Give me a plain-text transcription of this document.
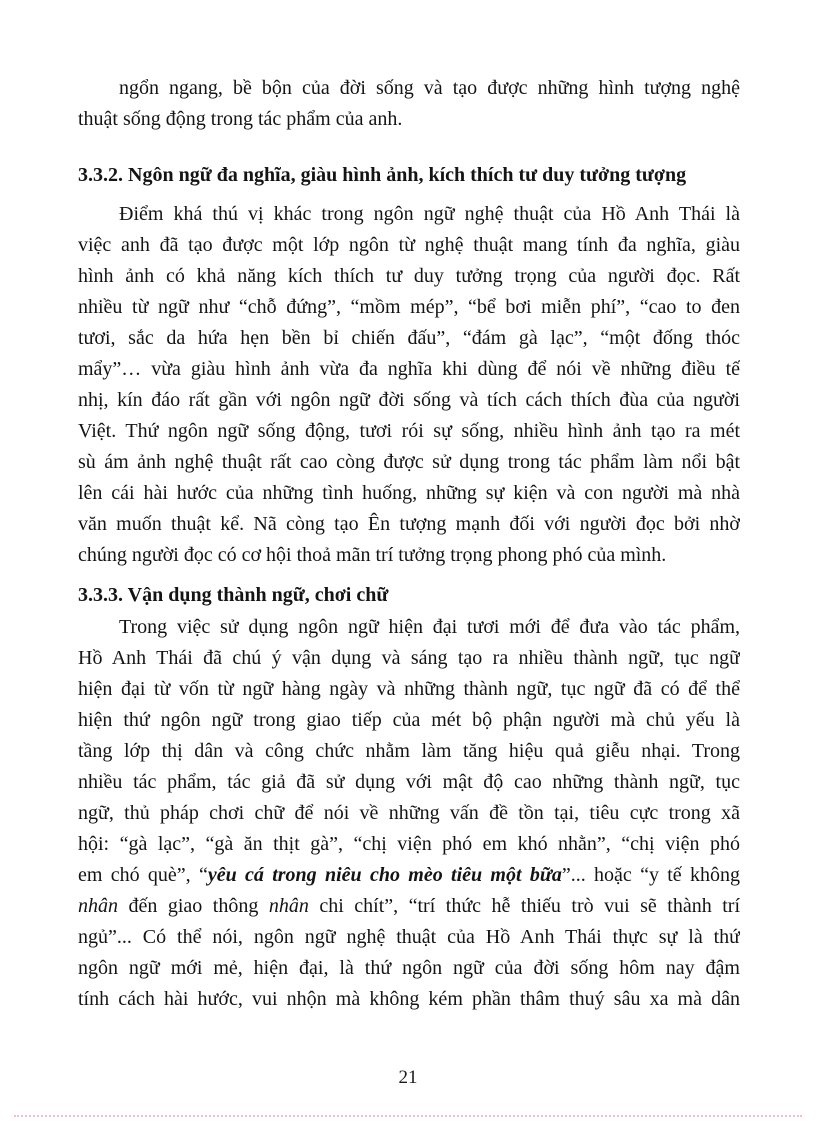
ngổn ngang, bề bộn của đời sống và tạo được những hình tượng nghệ
thuật sống động trong tác phẩm của anh.
3.3.2. Ngôn ngữ đa nghĩa, giàu hình ảnh, kích thích tư duy tưởng tượng
Điểm khá thú vị khác trong ngôn ngữ nghệ thuật của Hồ Anh Thái là
việc anh đã tạo được một lớp ngôn từ nghệ thuật mang tính đa nghĩa, giàu
hình ảnh có khả năng kích thích tư duy tưởng trọng của người đọc. Rất
nhiều từ ngữ như “chỗ đứng”, “mồm mép”, “bể bơi miễn phí”, “cao to đen
tươi, sắc da hứa hẹn bền bỉ chiến đấu”, “đám gà lạc”, “một đống thóc
mẩy”… vừa giàu hình ảnh vừa đa nghĩa khi dùng để nói về những điều tế
nhị, kín đáo rất gần với ngôn ngữ đời sống và tích cách thích đùa của người
Việt. Thứ ngôn ngữ sống động, tươi rói sự sống, nhiều hình ảnh tạo ra mét
sù ám ảnh nghệ thuật rất cao còng được sử dụng trong tác phẩm làm nổi bật
lên cái hài hước của những tình huống, những sự kiện và con người mà nhà
văn muốn thuật kể. Nã còng tạo Ên tượng mạnh đối với người đọc bởi nhờ
chúng người đọc có cơ hội thoả mãn trí tưởng trọng phong phó của mình.
3.3.3. Vận dụng thành ngữ, chơi chữ
Trong việc sử dụng ngôn ngữ hiện đại tươi mới để đưa vào tác phẩm,
Hồ Anh Thái đã chú ý vận dụng và sáng tạo ra nhiều thành ngữ, tục ngữ
hiện đại từ vốn từ ngữ hàng ngày và những thành ngữ, tục ngữ đã có để thể
hiện thứ ngôn ngữ trong giao tiếp của mét bộ phận người mà chủ yếu là
tầng lớp thị dân và công chức nhằm làm tăng hiệu quả giễu nhại. Trong
nhiều tác phẩm, tác giả đã sử dụng với mật độ cao những thành ngữ, tục
ngữ, thủ pháp chơi chữ để nói về những vấn đề tồn tại, tiêu cực trong xã
hội: “gà lạc”, “gà ăn thịt gà”, “chị viện phó em khó nhằn”, “chị viện phó
em chó què”, “yêu cá trong niêu cho mèo tiêu một bữa”... hoặc “y tế không
nhân đến giao thông nhân chi chít”, “trí thức hễ thiếu trò vui sẽ thành trí
ngủ”... Có thể nói, ngôn ngữ nghệ thuật của Hồ Anh Thái thực sự là thứ
ngôn ngữ mới mẻ, hiện đại, là thứ ngôn ngữ của đời sống hôm nay đậm
tính cách hài hước, vui nhộn mà không kém phần thâm thuý sâu xa mà dân
21
